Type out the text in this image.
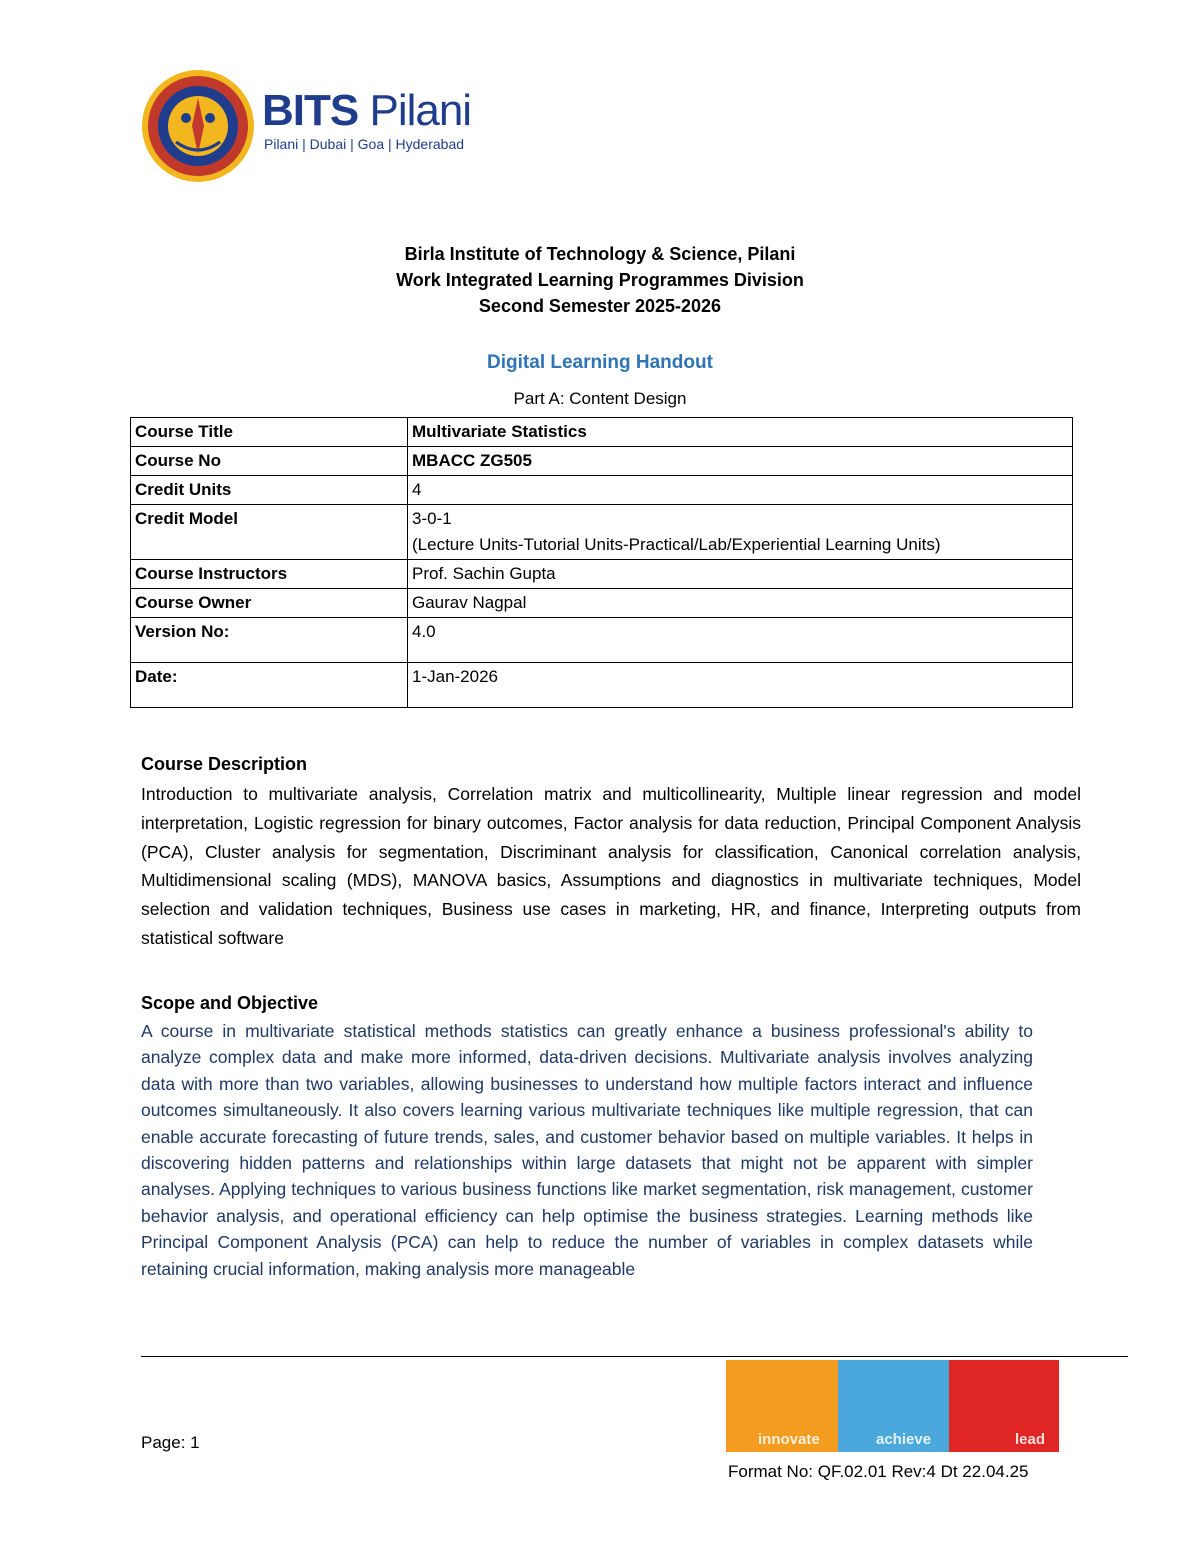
BITS Pilani
Pilani | Dubai | Goa | Hyderabad
Birla Institute of Technology & Science, Pilani
Work Integrated Learning Programmes Division
Second Semester 2025-2026
Digital Learning Handout
Part A: Content Design
Course Title	Multivariate Statistics
Course No	MBACC ZG505
Credit Units	4
Credit Model	3-0-1
(Lecture Units-Tutorial Units-Practical/Lab/Experiential Learning Units)

Course Instructors	Prof. Sachin Gupta
Course Owner	Gaurav Nagpal
Version No:	4.0
Date:	1-Jan-2026
Course Description
Introduction to multivariate analysis, Correlation matrix and multicollinearity, Multiple linear regression and model interpretation, Logistic regression for binary outcomes, Factor analysis for data reduction, Principal Component Analysis (PCA), Cluster analysis for segmentation, Discriminant analysis for classification, Canonical correlation analysis, Multidimensional scaling (MDS), MANOVA basics, Assumptions and diagnostics in multivariate techniques, Model selection and validation techniques, Business use cases in marketing, HR, and finance, Interpreting outputs from statistical software
Scope and Objective
A course in multivariate statistical methods statistics can greatly enhance a business professional's ability to analyze complex data and make more informed, data-driven decisions. Multivariate analysis involves analyzing data with more than two variables, allowing businesses to understand how multiple factors interact and influence outcomes simultaneously. It also covers learning various multivariate techniques like multiple regression, that can enable accurate forecasting of future trends, sales, and customer behavior based on multiple variables. It helps in discovering hidden patterns and relationships within large datasets that might not be apparent with simpler analyses. Applying techniques to various business functions like market segmentation, risk management, customer behavior analysis, and operational efficiency can help optimise the business strategies. Learning methods like Principal Component Analysis (PCA) can help to reduce the number of variables in complex datasets while retaining crucial information, making analysis more manageable
Page: 1	innovate	achieve	lead
Format No: QF.02.01 Rev:4 Dt 22.04.25
